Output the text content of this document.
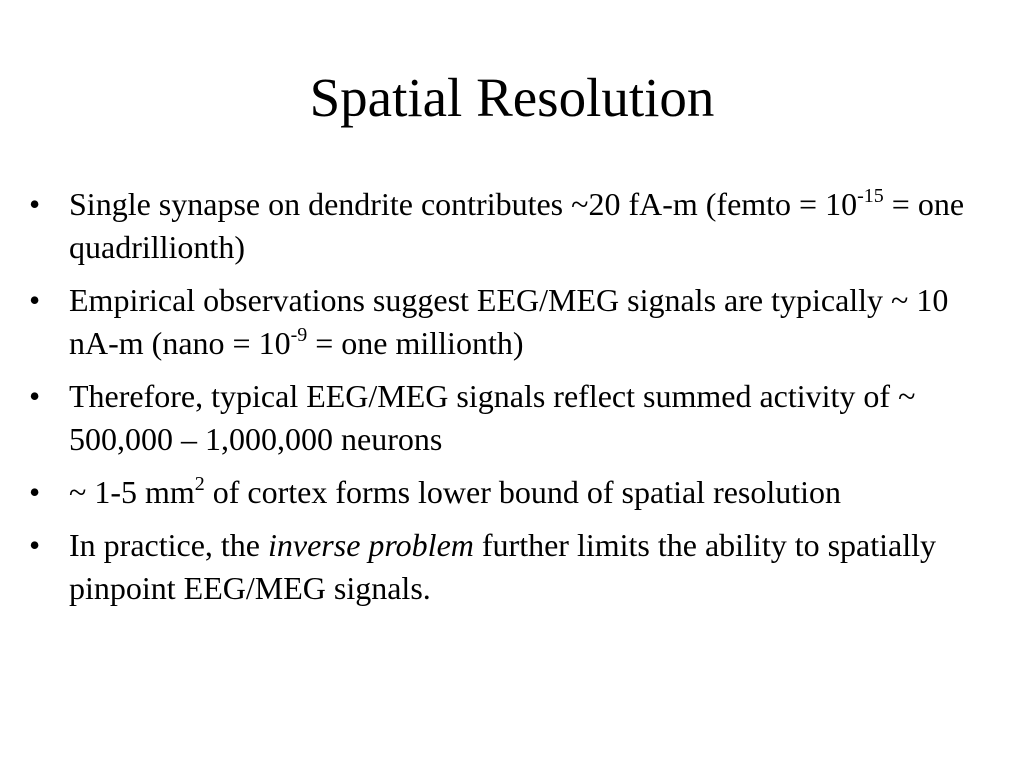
Spatial Resolution
• Single synapse on dendrite contributes ~20 fA-m (femto = $10^{-15}$ = one quadrillionth)
• Empirical observations suggest EEG/MEG signals are typically ~ 10 nA-m (nano = $10^{-9}$ = one millionth)
• Therefore, typical EEG/MEG signals reflect summed activity of ~ 500,000 – 1,000,000 neurons
• ~ 1-5 $mm^2$ of cortex forms lower bound of spatial resolution
• In practice, the inverse problem further limits the ability to spatially pinpoint EEG/MEG signals.
